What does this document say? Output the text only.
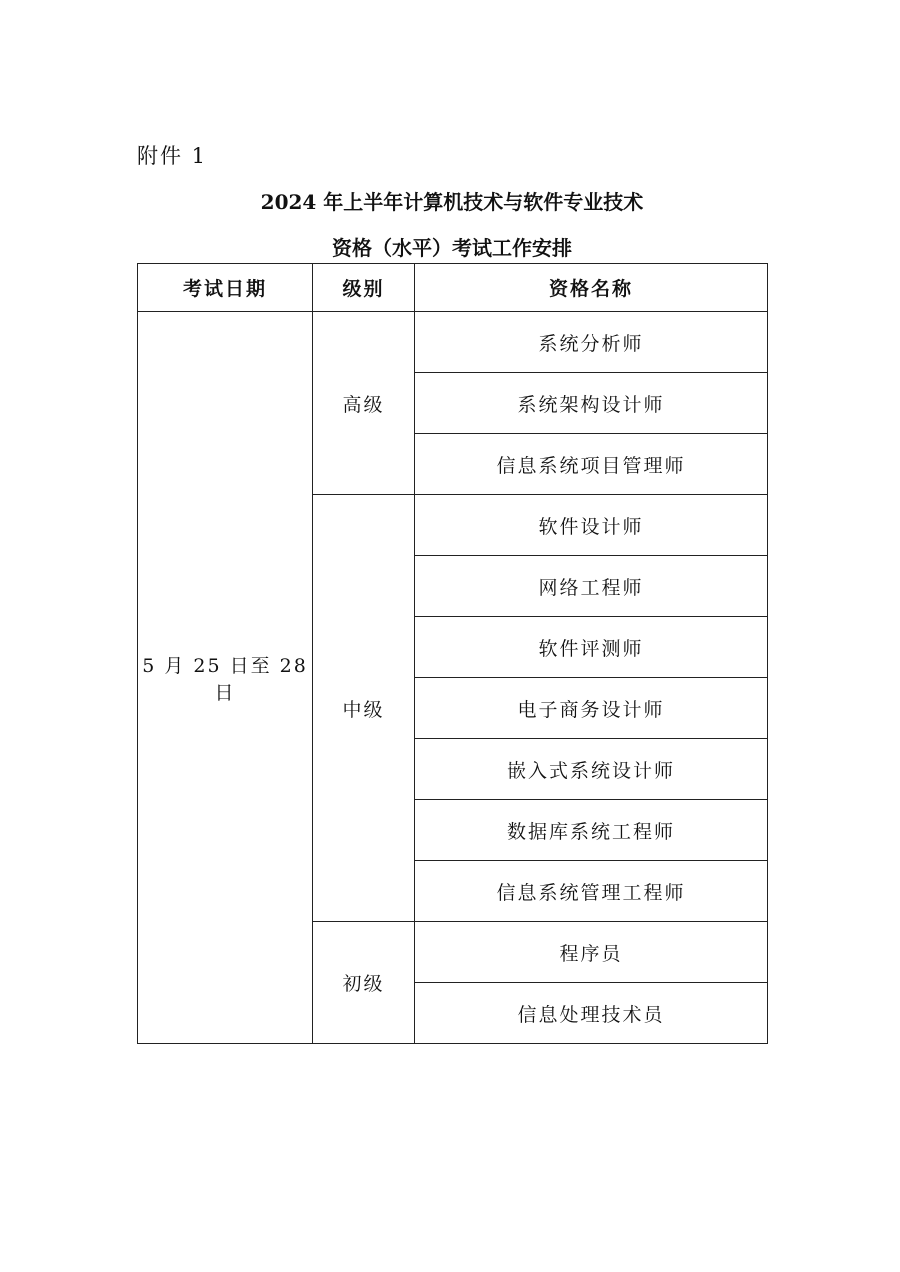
附件 1
2024 年上半年计算机技术与软件专业技术
资格（水平）考试工作安排
考试日期	级别	资格名称
5 月 25 日至 28 日	高级	系统分析师
		系统架构设计师
		信息系统项目管理师
	中级	软件设计师
		网络工程师
		软件评测师
		电子商务设计师
		嵌入式系统设计师
		数据库系统工程师
		信息系统管理工程师
	初级	程序员
		信息处理技术员
